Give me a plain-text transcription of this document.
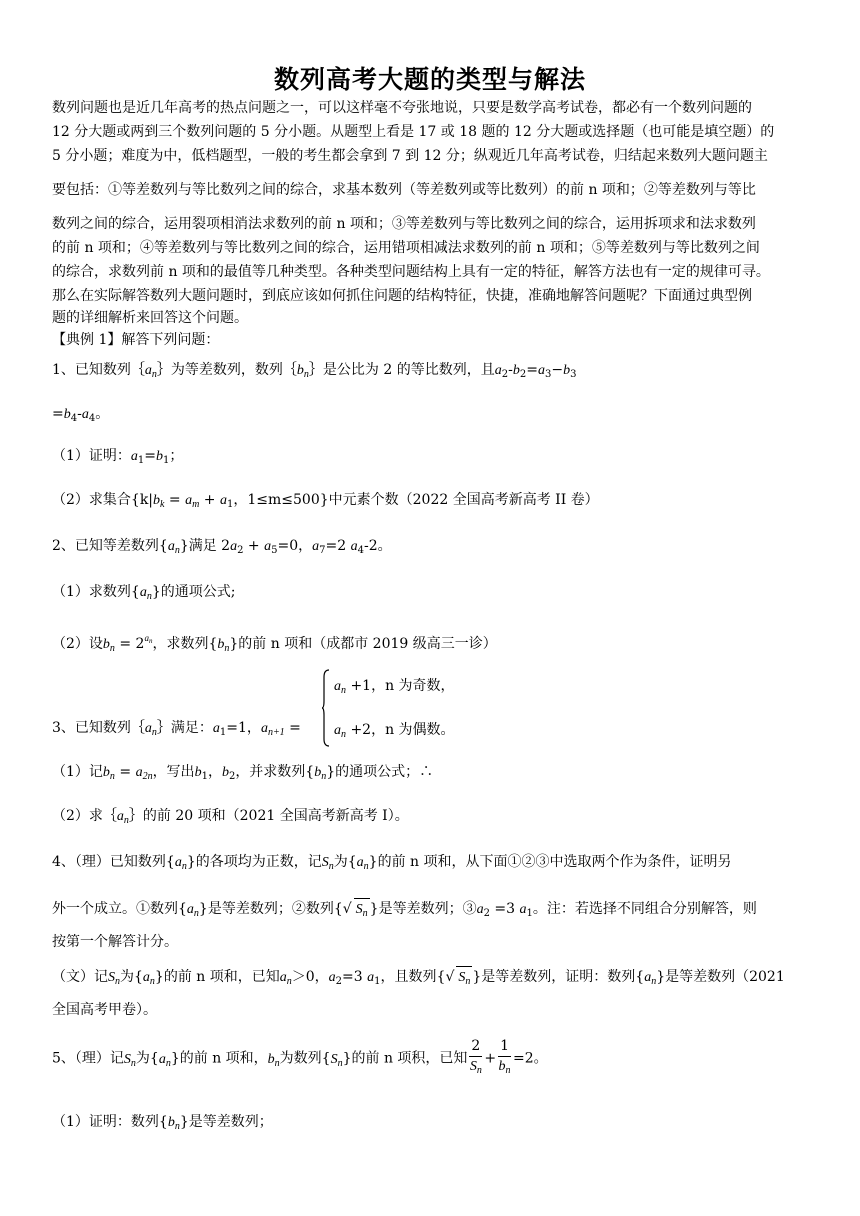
数列高考大题的类型与解法
数列问题也是近几年高考的热点问题之一，可以这样毫不夸张地说，只要是数学高考试卷，都必有一个数列问题的
12 分大题或两到三个数列问题的 5 分小题。从题型上看是 17 或 18 题的 12 分大题或选择题（也可能是填空题）的
5 分小题；难度为中，低档题型，一般的考生都会拿到 7 到 12 分；纵观近几年高考试卷，归结起来数列大题问题主
要包括：①等差数列与等比数列之间的综合，求基本数列（等差数列或等比数列）的前 n 项和；②等差数列与等比
数列之间的综合，运用裂项相消法求数列的前 n 项和；③等差数列与等比数列之间的综合，运用拆项求和法求数列
的前 n 项和；④等差数列与等比数列之间的综合，运用错项相减法求数列的前 n 项和；⑤等差数列与等比数列之间
的综合，求数列前 n 项和的最值等几种类型。各种类型问题结构上具有一定的特征，解答方法也有一定的规律可寻。
那么在实际解答数列大题问题时，到底应该如何抓住问题的结构特征，快捷，准确地解答问题呢？下面通过典型例
题的详细解析来回答这个问题。
【典例 1】解答下列问题：
1、已知数列$\{a_n\}$为等差数列，数列$\{b_n\}$是公比为 2 的等比数列，且$a_2-b_2=a_3-b_3$
$=b_4-a_4$。
（1）证明：$a_1=b_1$；
（2）求集合{$k|b_k = a_m + a_1$，1≤m≤500}中元素个数（2022 全国高考新高考 II 卷）
2、已知等差数列$\{a_n\}$满足 $2a_2 + a_5=0$，$a_7=2$ $a_4-2$。
（1）求数列$\{a_n\}$的通项公式;
（2）设$b_n = 2^{a_n}$，求数列$\{b_n\}$的前 n 项和（成都市 2019 级高三一诊）
$a_n +1$，n 为奇数，
$a_n +2$，n 为偶数。
3、已知数列$\{a_n\}$满足：$a_1=1$，$a_{n+1}$ =
（1）记$b_n = a_{2n}$，写出$b_1$，$b_2$，并求数列$\{b_n\}$的通项公式；∴
（2）求$\{a_n\}$的前 20 项和（2021 全国高考新高考 I）。
4、（理）已知数列$\{a_n\}$的各项均为正数，记$S_n$为$\{a_n\}$的前 n 项和，从下面①②③中选取两个作为条件，证明另
外一个成立。①数列$\{a_n\}$是等差数列；②数列{√ $S_n$ }是等差数列；$③a_2 =3$ $a_1$。注：若选择不同组合分别解答，则
按第一个解答计分。
（文）记$S_n$为$\{a_n\}$的前 n 项和，已知$a_n>0$，$a_2=3$ $a_1$，且数列{√ $S_n$ }是等差数列，证明：数列$\{a_n\}$是等差数列（2021
全国高考甲卷）。
5、（理）记$S_n$为$\{a_n\}$的前 n 项和，$b_n$为数列$\{S_n\}$的前 n 项积，已知 $\frac{2}{S_n} + \frac{1}{b_n} =2$。
（1）证明：数列$\{b_n\}$是等差数列；
